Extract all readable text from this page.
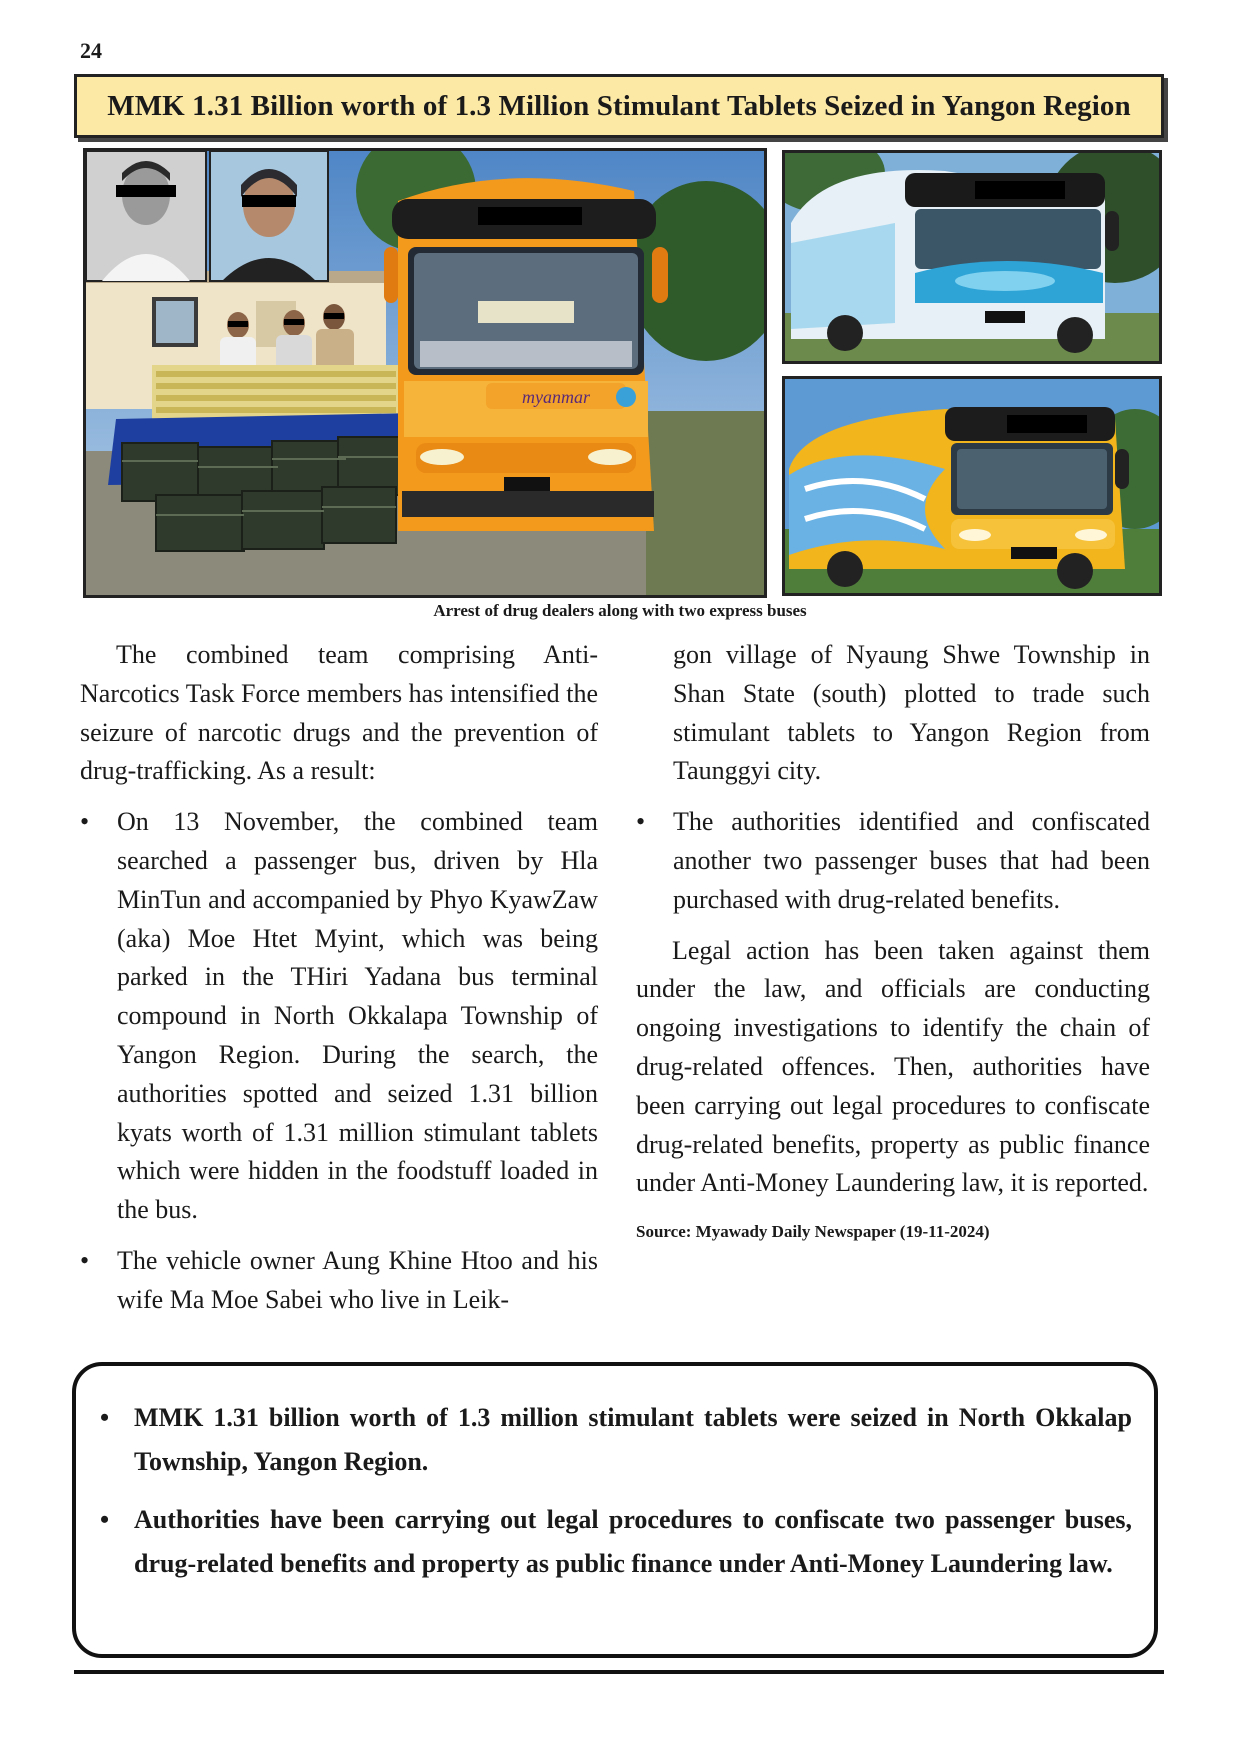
24
MMK 1.31 Billion worth of 1.3 Million Stimulant Tablets Seized in Yangon Region
myanmar
Arrest of drug dealers along with two express buses

The combined team comprising Anti-Narcotics Task Force members has intensified the seizure of narcotic drugs and the prevention of drug-trafficking. As a result:

• On 13 November, the combined team searched a passenger bus, driven by Hla MinTun and accompanied by Phyo KyawZaw (aka) Moe Htet Myint, which was being parked in the THiri Yadana bus terminal compound in North Okkalapa Township of Yangon Region. During the search, the authorities spotted and seized 1.31 billion kyats worth of 1.31 million stimulant tablets which were hidden in the foodstuff loaded in the bus.

• The vehicle owner Aung Khine Htoo and his wife Ma Moe Sabei who live in Leik-

gon village of Nyaung Shwe Township in Shan State (south) plotted to trade such stimulant tablets to Yangon Region from Taunggyi city.

• The authorities identified and confiscated another two passenger buses that had been purchased with drug-related benefits.

Legal action has been taken against them under the law, and officials are conducting ongoing investigations to identify the chain of drug-related offences. Then, authorities have been carrying out legal procedures to confiscate drug-related benefits, property as public finance under Anti-Money Laundering law, it is reported.

Source: Myawady Daily Newspaper (19-11-2024)

• MMK 1.31 billion worth of 1.3 million stimulant tablets were seized in North Okkalap Township, Yangon Region.
• Authorities have been carrying out legal procedures to confiscate two passenger buses, drug-related benefits and property as public finance under Anti-Money Laundering law.
